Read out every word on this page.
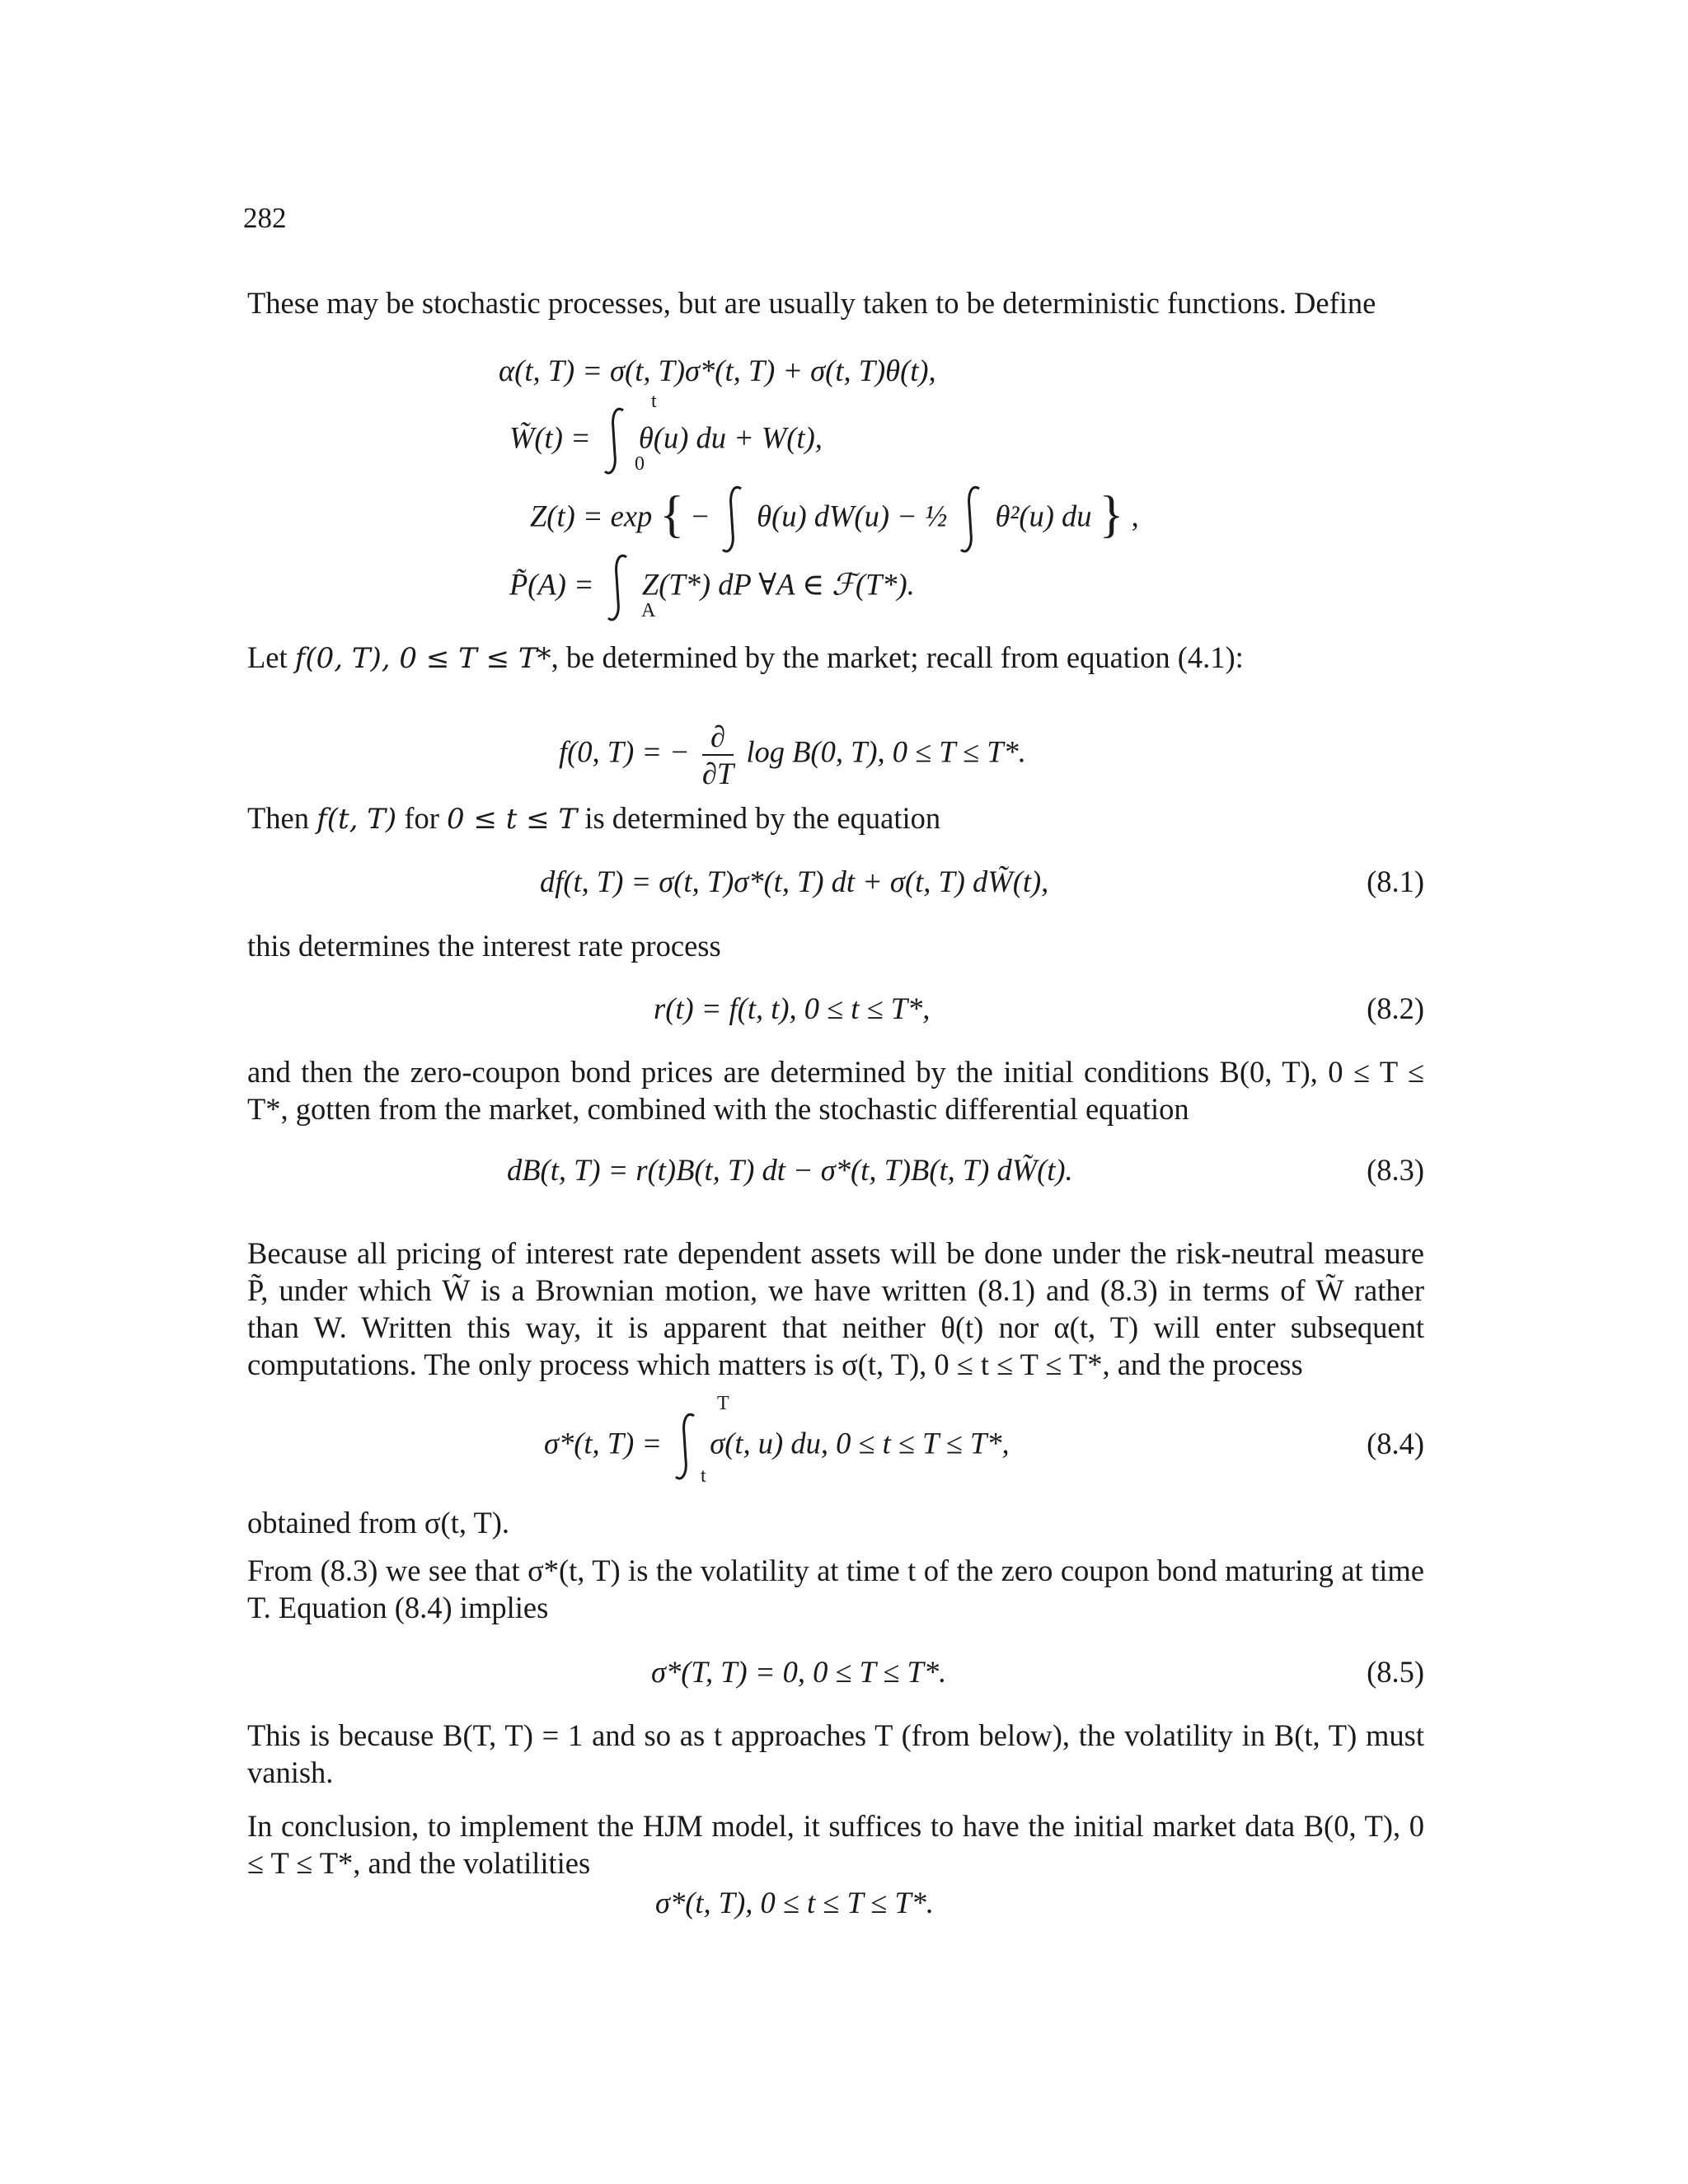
282

These may be stochastic processes, but are usually taken to be deterministic functions. Define

α(t, T) = σ(t, T)σ*(t, T) + σ(t, T)θ(t),
W̃(t) = θ(u) du + W(t),
t
0
Z(t) = exp { − θ(u) dW(u) − ½ θ²(u) du } ,
P̃(A) = Z(T*) dP ∀A ∈ ℱ(T*).
A

Let f(0, T), 0 ≤ T ≤ T*, be determined by the market; recall from equation (4.1):

f(0, T) = − ∂
∂T
log B(0, T), 0 ≤ T ≤ T*.

Then f(t, T) for 0 ≤ t ≤ T is determined by the equation

df(t, T) = σ(t, T)σ*(t, T) dt + σ(t, T) dW̃(t),	(8.1)

this determines the interest rate process

r(t) = f(t, t), 0 ≤ t ≤ T*,	(8.2)

and then the zero-coupon bond prices are determined by the initial conditions B(0, T), 0 ≤ T ≤ T*, gotten from the market, combined with the stochastic differential equation

dB(t, T) = r(t)B(t, T) dt − σ*(t, T)B(t, T) dW̃(t).	(8.3)

Because all pricing of interest rate dependent assets will be done under the risk-neutral measure P̃, under which W̃ is a Brownian motion, we have written (8.1) and (8.3) in terms of W̃ rather than W. Written this way, it is apparent that neither θ(t) nor α(t, T) will enter subsequent computations. The only process which matters is σ(t, T), 0 ≤ t ≤ T ≤ T*, and the process

σ*(t, T) = σ(t, u) du, 0 ≤ t ≤ T ≤ T*,
T
t
(8.4)

obtained from σ(t, T).

From (8.3) we see that σ*(t, T) is the volatility at time t of the zero coupon bond maturing at time T. Equation (8.4) implies

σ*(T, T) = 0, 0 ≤ T ≤ T*.	(8.5)

This is because B(T, T) = 1 and so as t approaches T (from below), the volatility in B(t, T) must vanish.

In conclusion, to implement the HJM model, it suffices to have the initial market data B(0, T), 0 ≤ T ≤ T*, and the volatilities

σ*(t, T), 0 ≤ t ≤ T ≤ T*.
